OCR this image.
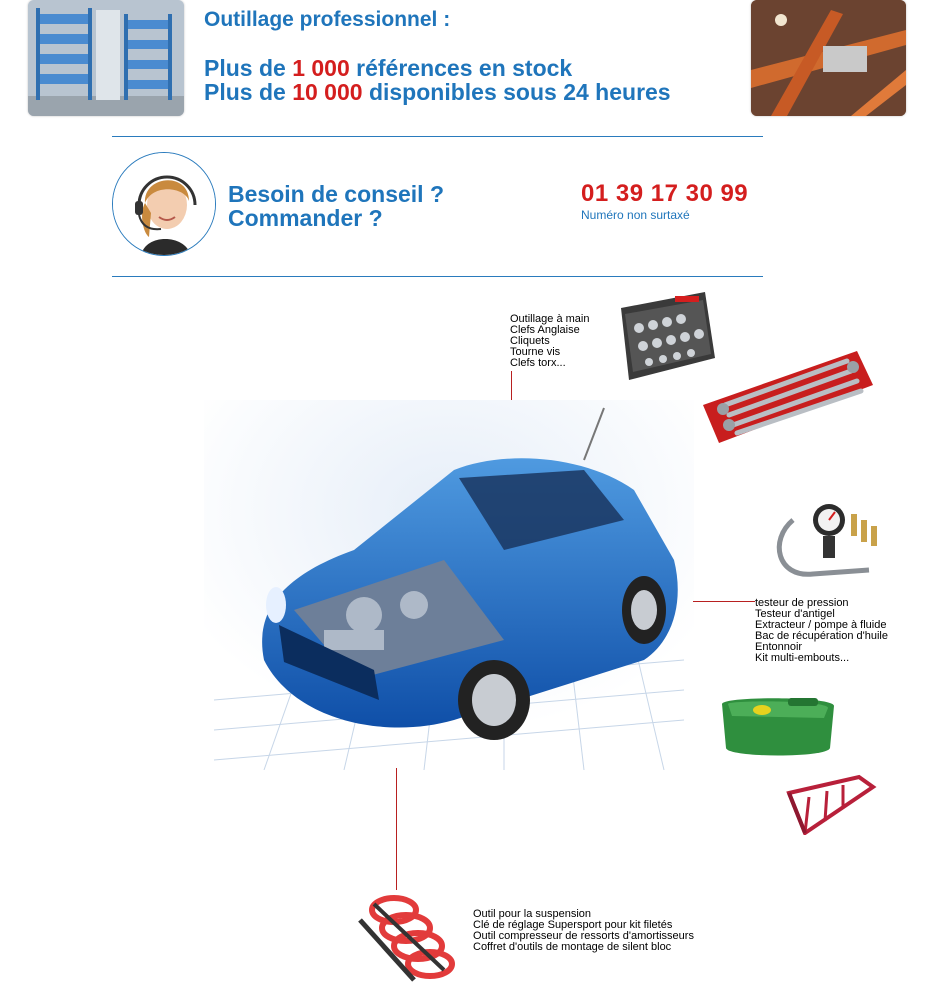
Outillage professionnel :
Plus de 1 000 références en stock
Plus de 10 000 disponibles sous 24 heures
Besoin de conseil ?
Commander ?
01 39 17 30 99
Numéro non surtaxé
Outillage à main
Clefs Anglaise
Cliquets
Tourne vis
Clefs torx...
testeur de pression
Testeur d'antigel
Extracteur / pompe à fluide
Bac de récupération d'huile
Entonnoir
Kit multi-embouts...
Outil pour la suspension
Clé de réglage Supersport pour kit filetés
Outil compresseur de ressorts d'amortisseurs
Coffret d'outils de montage de silent bloc
